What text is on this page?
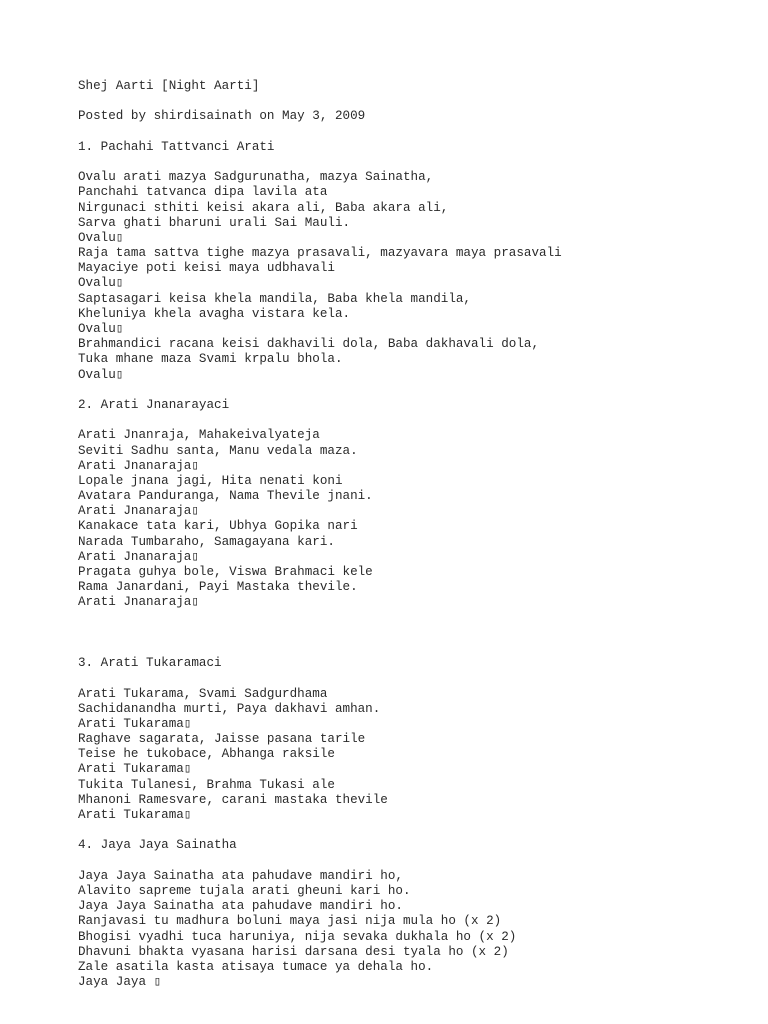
Shej Aarti [Night Aarti]
Posted by shirdisainath on May 3, 2009
1. Pachahi Tattvanci Arati
Ovalu arati mazya Sadgurunatha, mazya Sainatha,
Panchahi tatvanca dipa lavila ata
Nirgunaci sthiti keisi akara ali, Baba akara ali,
Sarva ghati bharuni urali Sai Mauli.
Ovalu▯
Raja tama sattva tighe mazya prasavali, mazyavara maya prasavali
Mayaciye poti keisi maya udbhavali
Ovalu▯
Saptasagari keisa khela mandila, Baba khela mandila,
Kheluniya khela avagha vistara kela.
Ovalu▯
Brahmandici racana keisi dakhavili dola, Baba dakhavali dola,
Tuka mhane maza Svami krpalu bhola.
Ovalu▯
2. Arati Jnanarayaci
Arati Jnanraja, Mahakeivalyateja
Seviti Sadhu santa, Manu vedala maza.
Arati Jnanaraja▯
Lopale jnana jagi, Hita nenati koni
Avatara Panduranga, Nama Thevile jnani.
Arati Jnanaraja▯
Kanakace tata kari, Ubhya Gopika nari
Narada Tumbaraho, Samagayana kari.
Arati Jnanaraja▯
Pragata guhya bole, Viswa Brahmaci kele
Rama Janardani, Payi Mastaka thevile.
Arati Jnanaraja▯
3. Arati Tukaramaci
Arati Tukarama, Svami Sadgurdhama
Sachidanandha murti, Paya dakhavi amhan.
Arati Tukarama▯
Raghave sagarata, Jaisse pasana tarile
Teise he tukobace, Abhanga raksile
Arati Tukarama▯
Tukita Tulanesi, Brahma Tukasi ale
Mhanoni Ramesvare, carani mastaka thevile
Arati Tukarama▯
4. Jaya Jaya Sainatha
Jaya Jaya Sainatha ata pahudave mandiri ho,
Alavito sapreme tujala arati gheuni kari ho.
Jaya Jaya Sainatha ata pahudave mandiri ho.
Ranjavasi tu madhura boluni maya jasi nija mula ho (x 2)
Bhogisi vyadhi tuca haruniya, nija sevaka dukhala ho (x 2)
Dhavuni bhakta vyasana harisi darsana desi tyala ho (x 2)
Zale asatila kasta atisaya tumace ya dehala ho.
Jaya Jaya ▯
